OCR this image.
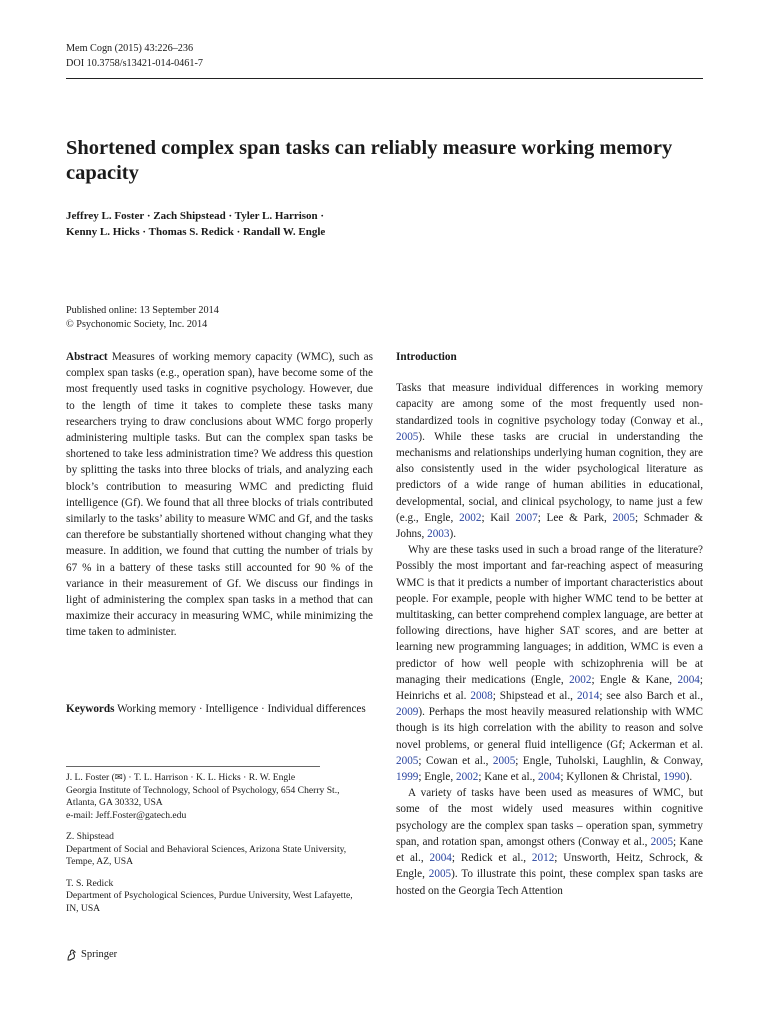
Mem Cogn (2015) 43:226–236
DOI 10.3758/s13421-014-0461-7
Shortened complex span tasks can reliably measure working memory capacity
Jeffrey L. Foster · Zach Shipstead · Tyler L. Harrison ·
Kenny L. Hicks · Thomas S. Redick · Randall W. Engle
Published online: 13 September 2014
© Psychonomic Society, Inc. 2014

Abstract Measures of working memory capacity (WMC), such as complex span tasks (e.g., operation span), have become some of the most frequently used tasks in cognitive psychology. However, due to the length of time it takes to complete these tasks many researchers trying to draw conclusions about WMC forgo properly administering multiple tasks. But can the complex span tasks be shortened to take less administration time? We address this question by splitting the tasks into three blocks of trials, and analyzing each block’s contribution to measuring WMC and predicting fluid intelligence (Gf). We found that all three blocks of trials contributed similarly to the tasks’ ability to measure WMC and Gf, and the tasks can therefore be substantially shortened without changing what they measure. In addition, we found that cutting the number of trials by 67 % in a battery of these tasks still accounted for 90 % of the variance in their measurement of Gf. We discuss our findings in light of administering the complex span tasks in a method that can maximize their accuracy in measuring WMC, while minimizing the time taken to administer.

Keywords Working memory · Intelligence · Individual differences
J. L. Foster (✉) · T. L. Harrison · K. L. Hicks · R. W. Engle
Georgia Institute of Technology, School of Psychology, 654 Cherry St., Atlanta, GA 30332, USA
e-mail: Jeff.Foster@gatech.edu
Z. Shipstead
Department of Social and Behavioral Sciences, Arizona State University, Tempe, AZ, USA
T. S. Redick
Department of Psychological Sciences, Purdue University, West Lafayette, IN, USA
Introduction

Tasks that measure individual differences in working memory capacity are among some of the most frequently used non-standardized tools in cognitive psychology today (Conway et al., 2005). While these tasks are crucial in understanding the mechanisms and relationships underlying human cognition, they are also consistently used in the wider psychological literature as predictors of a wide range of human abilities in educational, developmental, social, and clinical psychology, to name just a few (e.g., Engle, 2002; Kail 2007; Lee & Park, 2005; Schmader & Johns, 2003).

Why are these tasks used in such a broad range of the literature? Possibly the most important and far-reaching aspect of measuring WMC is that it predicts a number of important characteristics about people. For example, people with higher WMC tend to be better at multitasking, can better comprehend complex language, are better at following directions, have higher SAT scores, and are better at learning new programming languages; in addition, WMC is even a predictor of how well people with schizophrenia will be at managing their medications (Engle, 2002; Engle & Kane, 2004; Heinrichs et al. 2008; Shipstead et al., 2014; see also Barch et al., 2009). Perhaps the most heavily measured relationship with WMC though is its high correlation with the ability to reason and solve novel problems, or general fluid intelligence (Gf; Ackerman et al. 2005; Cowan et al., 2005; Engle, Tuholski, Laughlin, & Conway, 1999; Engle, 2002; Kane et al., 2004; Kyllonen & Christal, 1990).

A variety of tasks have been used as measures of WMC, but some of the most widely used measures within cognitive psychology are the complex span tasks – operation span, symmetry span, and rotation span, amongst others (Conway et al., 2005; Kane et al., 2004; Redick et al., 2012; Unsworth, Heitz, Schrock, & Engle, 2005). To illustrate this point, these complex span tasks are hosted on the Georgia Tech Attention

Springer
